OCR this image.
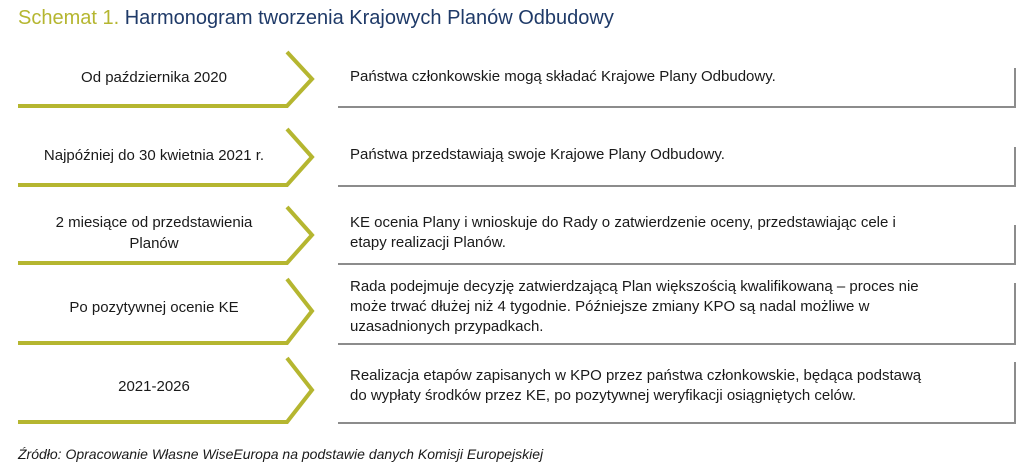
Schemat 1. Harmonogram tworzenia Krajowych Planów Odbudowy
Od października 2020	Państwa członkowskie mogą składać Krajowe Plany Odbudowy.
Najpóźniej do 30 kwietnia 2021 r.	Państwa przedstawiają swoje Krajowe Plany Odbudowy.
2 miesiące od przedstawienia Planów
KE ocenia Plany i wnioskuje do Rady o zatwierdzenie oceny, przedstawiając cele i etapy realizacji Planów.
Po pozytywnej ocenie KE
Rada podejmuje decyzję zatwierdzającą Plan większością kwalifikowaną – proces nie może trwać dłużej niż 4 tygodnie. Późniejsze zmiany KPO są nadal możliwe w uzasadnionych przypadkach.
2021-2026
Realizacja etapów zapisanych w KPO przez państwa członkowskie, będąca podstawą do wypłaty środków przez KE, po pozytywnej weryfikacji osiągniętych celów.
Źródło: Opracowanie Własne WiseEuropa na podstawie danych Komisji Europejskiej
